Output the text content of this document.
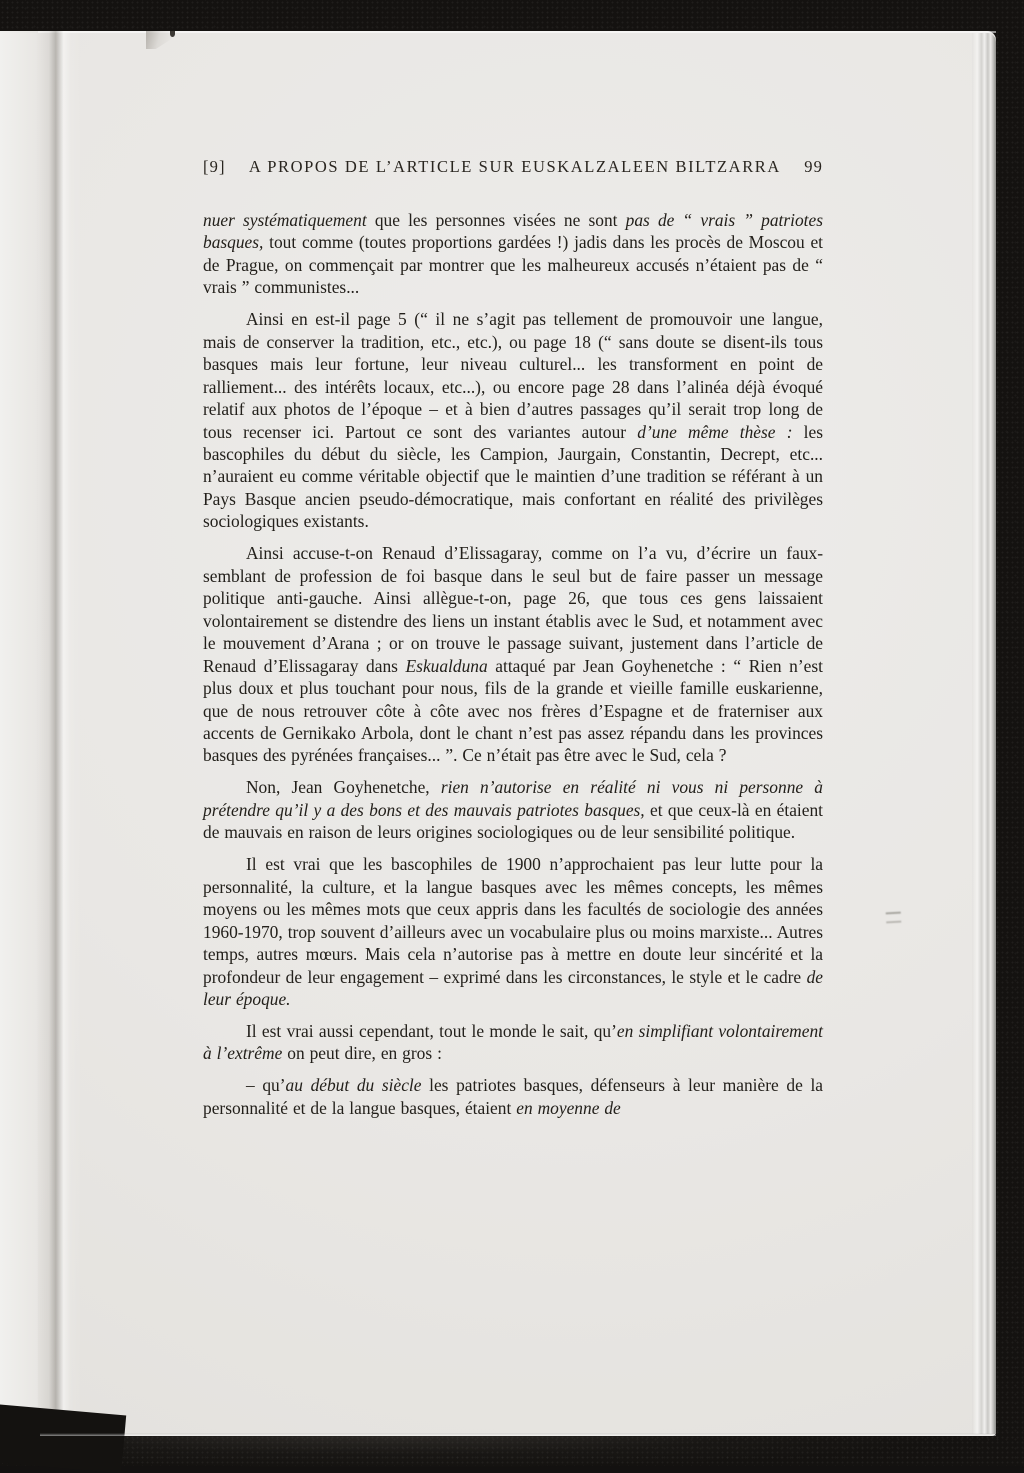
[9] A PROPOS DE L’ARTICLE SUR EUSKALZALEEN BILTZARRA 99

nuer systématiquement que les personnes visées ne sont pas de “ vrais ” patriotes basques, tout comme (toutes proportions gardées !) jadis dans les procès de Moscou et de Prague, on commençait par montrer que les malheureux accusés n’étaient pas de “ vrais ” communistes...

Ainsi en est-il page 5 (“ il ne s’agit pas tellement de promouvoir une langue, mais de conserver la tradition, etc., etc.), ou page 18 (“ sans doute se disent-ils tous basques mais leur fortune, leur niveau culturel... les transforment en point de ralliement... des intérêts locaux, etc...), ou encore page 28 dans l’alinéa déjà évoqué relatif aux photos de l’époque – et à bien d’autres passages qu’il serait trop long de tous recenser ici. Partout ce sont des variantes autour d’une même thèse : les bascophiles du début du siècle, les Campion, Jaurgain, Constantin, Decrept, etc... n’auraient eu comme véritable objectif que le maintien d’une tradition se référant à un Pays Basque ancien pseudo-démocratique, mais confortant en réalité des privilèges sociologiques existants.

Ainsi accuse-t-on Renaud d’Elissagaray, comme on l’a vu, d’écrire un faux-semblant de profession de foi basque dans le seul but de faire passer un message politique anti-gauche. Ainsi allègue-t-on, page 26, que tous ces gens laissaient volontairement se distendre des liens un instant établis avec le Sud, et notamment avec le mouvement d’Arana ; or on trouve le passage suivant, justement dans l’article de Renaud d’Elissagaray dans Eskualduna attaqué par Jean Goyhenetche : “ Rien n’est plus doux et plus touchant pour nous, fils de la grande et vieille famille euskarienne, que de nous retrouver côte à côte avec nos frères d’Espagne et de fraterniser aux accents de Gernikako Arbola, dont le chant n’est pas assez répandu dans les provinces basques des pyrénées françaises... ”. Ce n’était pas être avec le Sud, cela ?

Non, Jean Goyhenetche, rien n’autorise en réalité ni vous ni personne à prétendre qu’il y a des bons et des mauvais patriotes basques, et que ceux-là en étaient de mauvais en raison de leurs origines sociologiques ou de leur sensibilité politique.

Il est vrai que les bascophiles de 1900 n’approchaient pas leur lutte pour la personnalité, la culture, et la langue basques avec les mêmes concepts, les mêmes moyens ou les mêmes mots que ceux appris dans les facultés de sociologie des années 1960-1970, trop souvent d’ailleurs avec un vocabulaire plus ou moins marxiste... Autres temps, autres mœurs. Mais cela n’autorise pas à mettre en doute leur sincérité et la profondeur de leur engagement – exprimé dans les circonstances, le style et le cadre de leur époque.

Il est vrai aussi cependant, tout le monde le sait, qu’en simplifiant volontairement à l’extrême on peut dire, en gros :

– qu’au début du siècle les patriotes basques, défenseurs à leur manière de la personnalité et de la langue basques, étaient en moyenne de
